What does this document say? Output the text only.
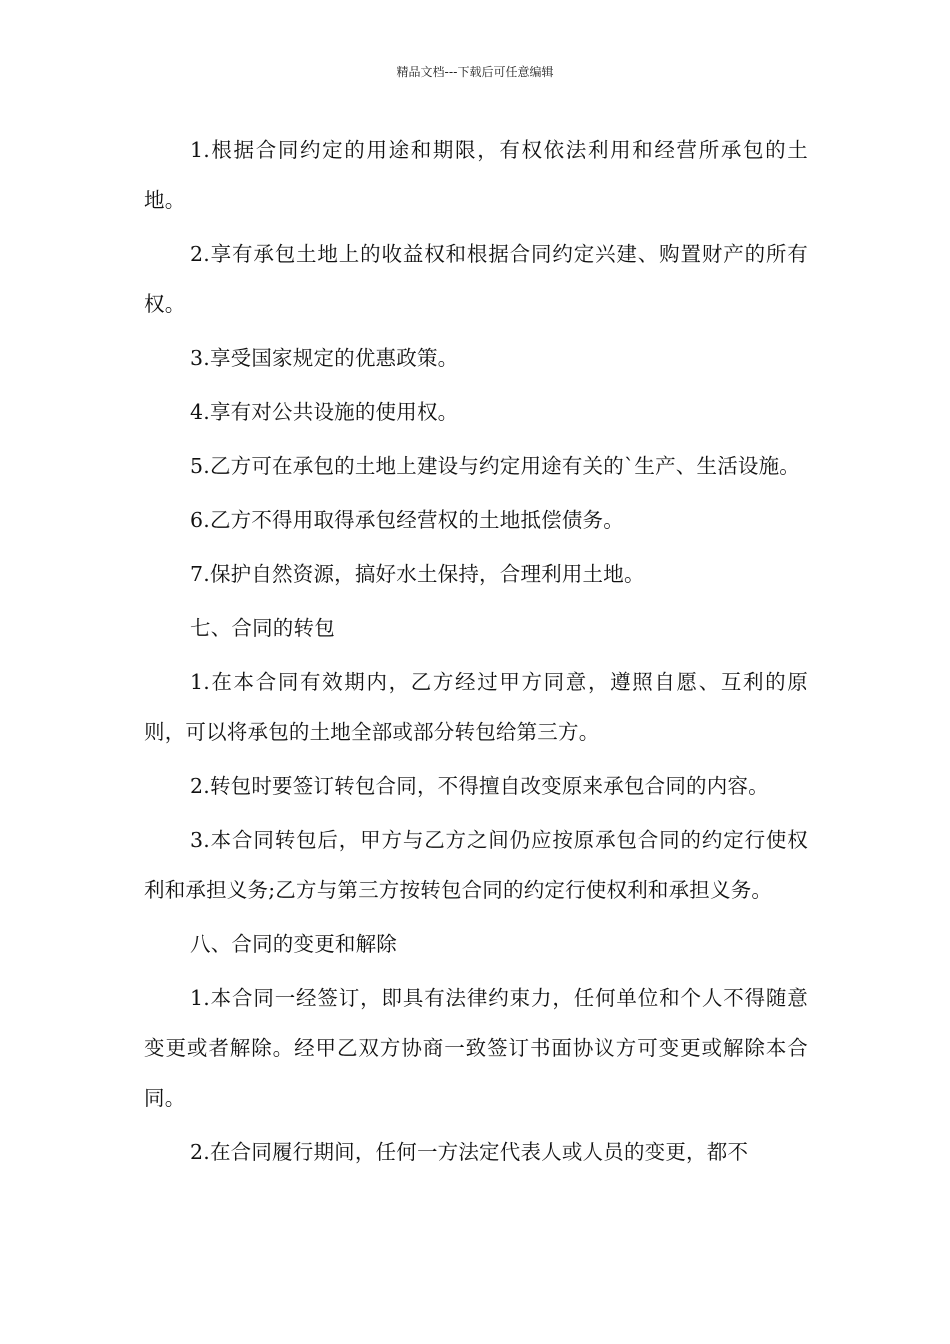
精品文档---下载后可任意编辑

1.根据合同约定的用途和期限，有权依法利用和经营所承包的土地。

2.享有承包土地上的收益权和根据合同约定兴建、购置财产的所有权。

3.享受国家规定的优惠政策。

4.享有对公共设施的使用权。

5.乙方可在承包的土地上建设与约定用途有关的`生产、生活设施。

6.乙方不得用取得承包经营权的土地抵偿债务。

7.保护自然资源，搞好水土保持，合理利用土地。

七、合同的转包

1.在本合同有效期内，乙方经过甲方同意，遵照自愿、互利的原则，可以将承包的土地全部或部分转包给第三方。

2.转包时要签订转包合同，不得擅自改变原来承包合同的内容。

3.本合同转包后，甲方与乙方之间仍应按原承包合同的约定行使权利和承担义务;乙方与第三方按转包合同的约定行使权利和承担义务。

八、合同的变更和解除

1.本合同一经签订，即具有法律约束力，任何单位和个人不得随意变更或者解除。经甲乙双方协商一致签订书面协议方可变更或解除本合同。

2.在合同履行期间，任何一方法定代表人或人员的变更，都不
